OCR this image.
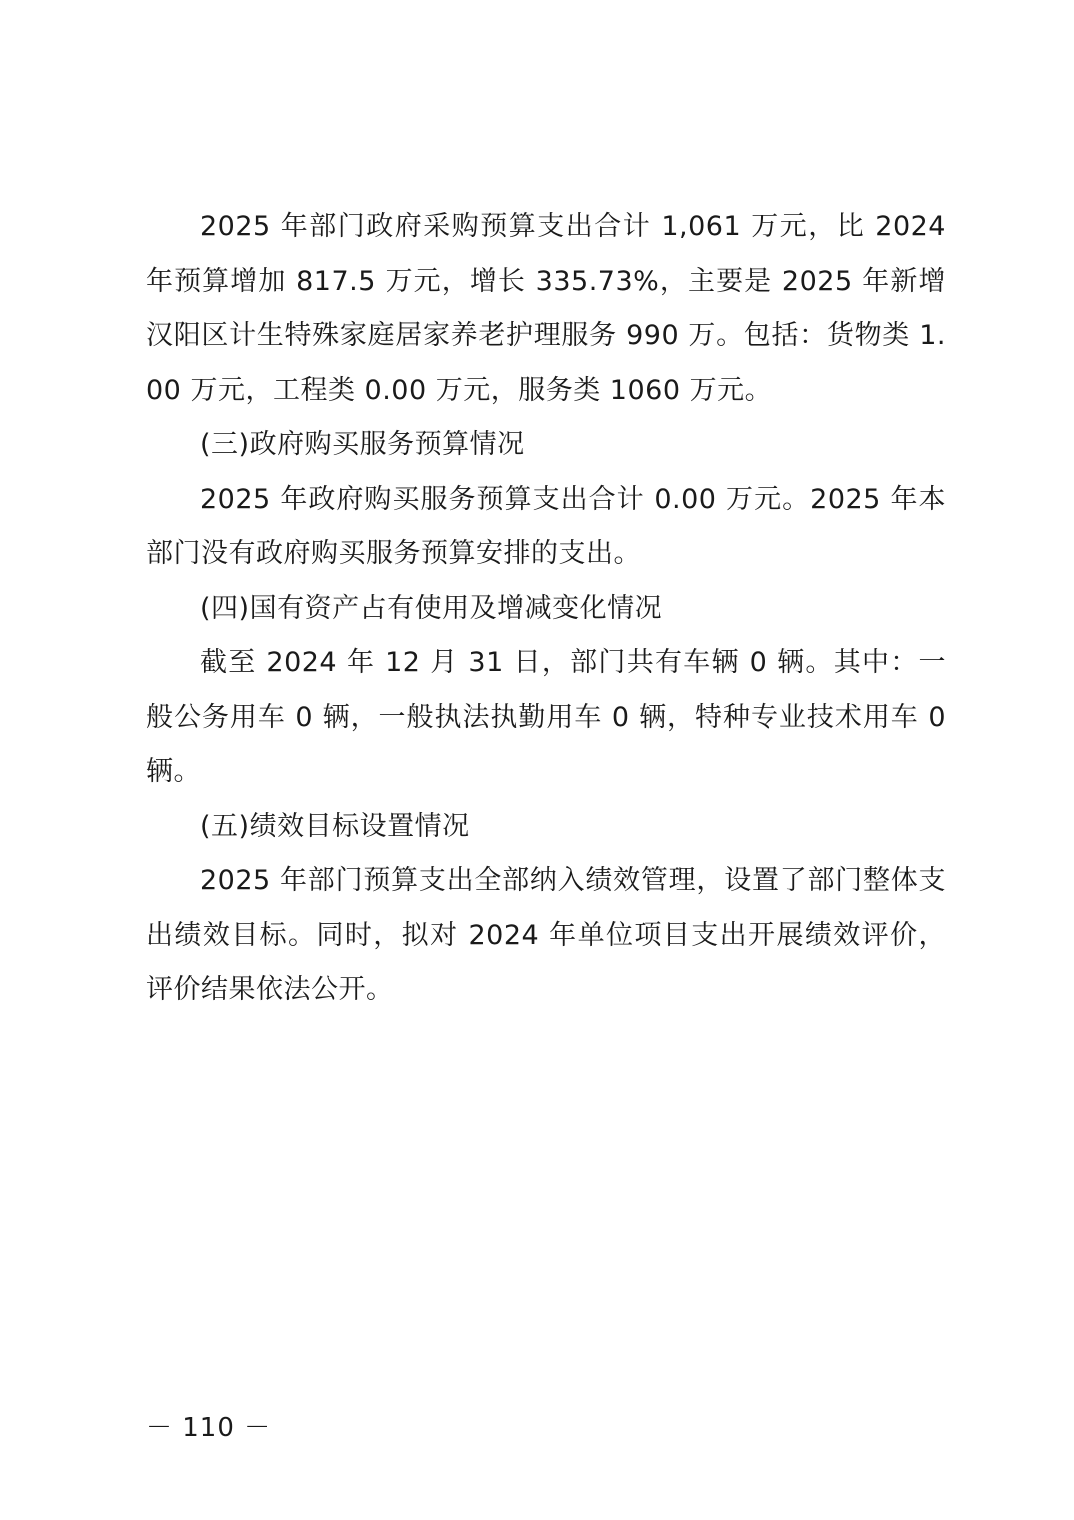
2025 年部门政府采购预算支出合计 1,061 万元，比 2024 年预算增加 817.5 万元，增长 335.73%，主要是 2025 年新增汉阳区计生特殊家庭居家养老护理服务 990 万。包括：货物类 1.00 万元，工程类 0.00 万元，服务类 1060 万元。

(三)政府购买服务预算情况

2025 年政府购买服务预算支出合计 0.00 万元。2025 年本部门没有政府购买服务预算安排的支出。

(四)国有资产占有使用及增减变化情况

截至 2024 年 12 月 31 日，部门共有车辆 0 辆。其中：一般公务用车 0 辆，一般执法执勤用车 0 辆，特种专业技术用车 0 辆。

(五)绩效目标设置情况

2025 年部门预算支出全部纳入绩效管理，设置了部门整体支出绩效目标。同时，拟对 2024 年单位项目支出开展绩效评价，评价结果依法公开。

－ 110 －
